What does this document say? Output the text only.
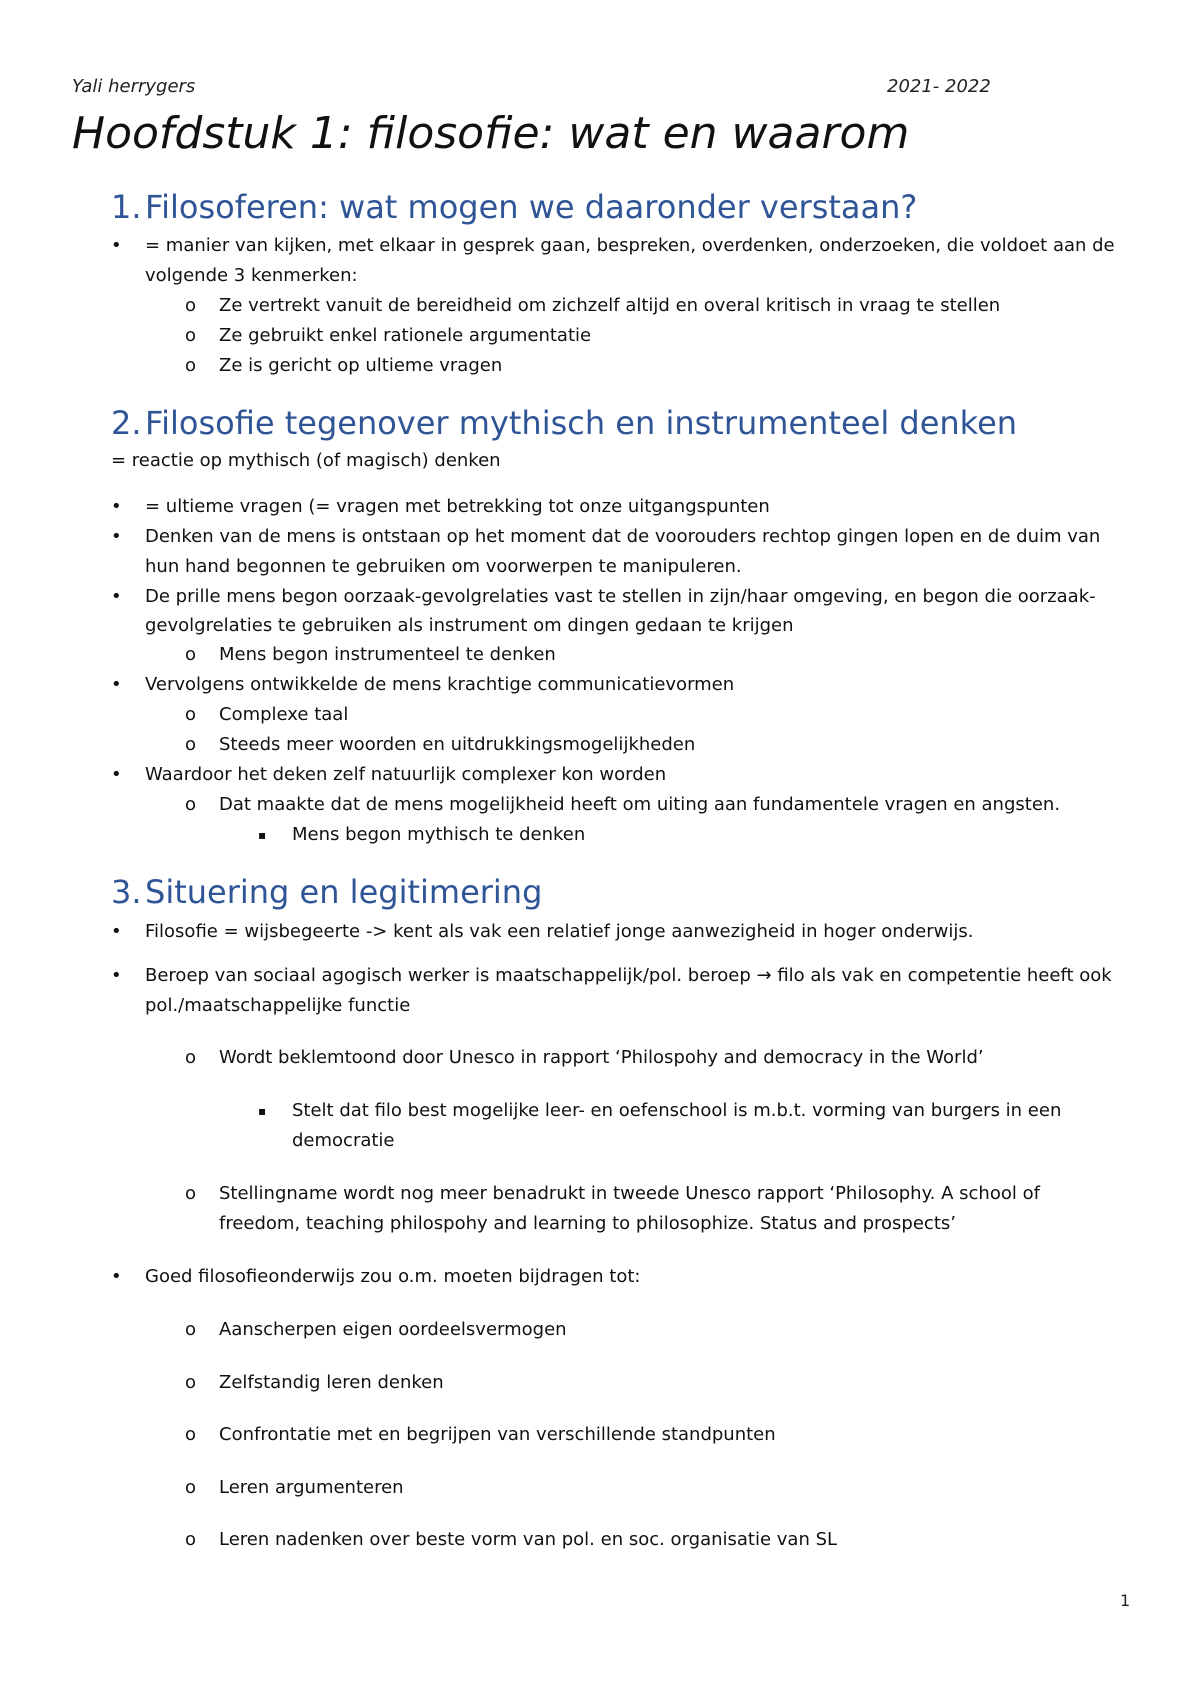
Yali herrygers	2021- 2022
Hoofdstuk 1: filosofie: wat en waarom
1. Filosoferen: wat mogen we daaronder verstaan?
• = manier van kijken, met elkaar in gesprek gaan, bespreken, overdenken, onderzoeken, die voldoet aan de
volgende 3 kenmerken:
o Ze vertrekt vanuit de bereidheid om zichzelf altijd en overal kritisch in vraag te stellen
o Ze gebruikt enkel rationele argumentatie
o Ze is gericht op ultieme vragen
2. Filosofie tegenover mythisch en instrumenteel denken
= reactie op mythisch (of magisch) denken
• = ultieme vragen (= vragen met betrekking tot onze uitgangspunten
• Denken van de mens is ontstaan op het moment dat de voorouders rechtop gingen lopen en de duim van
hun hand begonnen te gebruiken om voorwerpen te manipuleren.
• De prille mens begon oorzaak-gevolgrelaties vast te stellen in zijn/haar omgeving, en begon die oorzaak-
gevolgrelaties te gebruiken als instrument om dingen gedaan te krijgen
o Mens begon instrumenteel te denken
• Vervolgens ontwikkelde de mens krachtige communicatievormen
o Complexe taal
o Steeds meer woorden en uitdrukkingsmogelijkheden
• Waardoor het deken zelf natuurlijk complexer kon worden
o Dat maakte dat de mens mogelijkheid heeft om uiting aan fundamentele vragen en angsten.
▪ Mens begon mythisch te denken
3. Situering en legitimering
• Filosofie = wijsbegeerte -> kent als vak een relatief jonge aanwezigheid in hoger onderwijs.
• Beroep van sociaal agogisch werker is maatschappelijk/pol. beroep → filo als vak en competentie heeft ook
pol./maatschappelijke functie
o Wordt beklemtoond door Unesco in rapport ‘Philospohy and democracy in the World’
▪ Stelt dat filo best mogelijke leer- en oefenschool is m.b.t. vorming van burgers in een
democratie
o Stellingname wordt nog meer benadrukt in tweede Unesco rapport ‘Philosophy. A school of
freedom, teaching philospohy and learning to philosophize. Status and prospects’
• Goed filosofieonderwijs zou o.m. moeten bijdragen tot:
o Aanscherpen eigen oordeelsvermogen
o Zelfstandig leren denken
o Confrontatie met en begrijpen van verschillende standpunten
o Leren argumenteren
o Leren nadenken over beste vorm van pol. en soc. organisatie van SL
1
